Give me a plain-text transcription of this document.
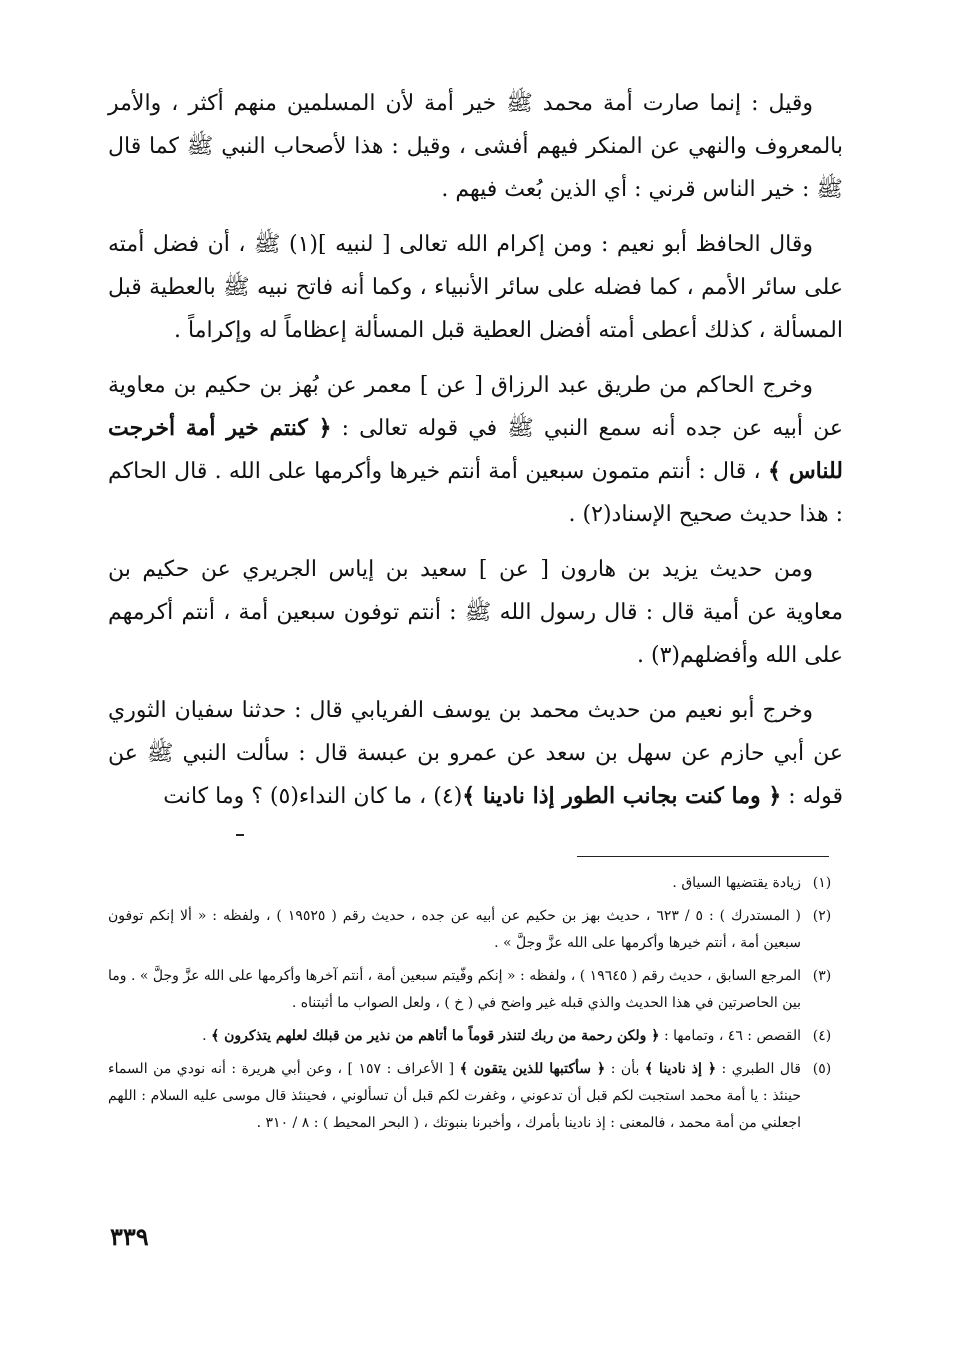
وقيل : إنما صارت أمة محمد ﷺ خير أمة لأن المسلمين منهم أكثر ، والأمر بالمعروف والنهي عن المنكر فيهم أفشى ، وقيل : هذا لأصحاب النبي ﷺ كما قال ﷺ : خير الناس قرني : أي الذين بُعث فيهم .

وقال الحافظ أبو نعيم : ومن إكرام الله تعالى [ لنبيه ](١) ﷺ ، أن فضل أمته على سائر الأمم ، كما فضله على سائر الأنبياء ، وكما أنه فاتح نبيه ﷺ بالعطية قبل المسألة ، كذلك أعطى أمته أفضل العطية قبل المسألة إعظاماً له وإكراماً .

وخرج الحاكم من طريق عبد الرزاق [ عن ] معمر عن بُهز بن حكيم بن معاوية عن أبيه عن جده أنه سمع النبي ﷺ في قوله تعالى : ﴿ كنتم خير أمة أخرجت للناس ﴾ ، قال : أنتم متمون سبعين أمة أنتم خيرها وأكرمها على الله . قال الحاكم : هذا حديث صحيح الإسناد(٢) .

ومن حديث يزيد بن هارون [ عن ] سعيد بن إياس الجريري عن حكيم بن معاوية عن أمية قال : قال رسول الله ﷺ : أنتم توفون سبعين أمة ، أنتم أكرمهم على الله وأفضلهم(٣) .

وخرج أبو نعيم من حديث محمد بن يوسف الفريابي قال : حدثنا سفيان الثوري عن أبي حازم عن سهل بن سعد عن عمرو بن عبسة قال : سألت النبي ﷺ عن قوله : ﴿ وما كنت بجانب الطور إذا نادينا ﴾(٤) ، ما كان النداء(٥) ؟ وما كانت

(١)
زيادة يقتضيها السياق .
(٢)
( المستدرك ) : ٥ / ٦٢٣ ، حديث بهز بن حكيم عن أبيه عن جده ، حديث رقم ( ١٩٥٢٥ ) ، ولفظه : « ألا إنكم توفون سبعين أمة ، أنتم خيرها وأكرمها على الله عزَّ وجلَّ » .
(٣)
المرجع السابق ، حديث رقم ( ١٩٦٤٥ ) ، ولفظه : « إنكم وفّيتم سبعين أمة ، أنتم آخرها وأكرمها على الله عزَّ وجلَّ » . وما بين الحاصرتين في هذا الحديث والذي قبله غير واضح في ( خ ) ، ولعل الصواب ما أثبتناه .
(٤)
القصص : ٤٦ ، وتمامها : ﴿ ولكن رحمة من ربك لتنذر قوماً ما أتاهم من نذير من قبلك لعلهم يتذكرون ﴾ .
(٥)
قال الطبري : ﴿ إذ نادينا ﴾ بأن : ﴿ سأكتبها للذين يتقون ﴾ [ الأعراف : ١٥٧ ] ، وعن أبي هريرة : أنه نودي من السماء حينئذ : يا أمة محمد استجبت لكم قبل أن تدعوني ، وغفرت لكم قبل أن تسألوني ، فحينئذ قال موسى عليه السلام : اللهم اجعلني من أمة محمد ، فالمعنى : إذ نادينا بأمرك ، وأخبرنا بنبوتك ، ( البحر المحيط ) : ٨ / ٣١٠ .
٣٣٩
